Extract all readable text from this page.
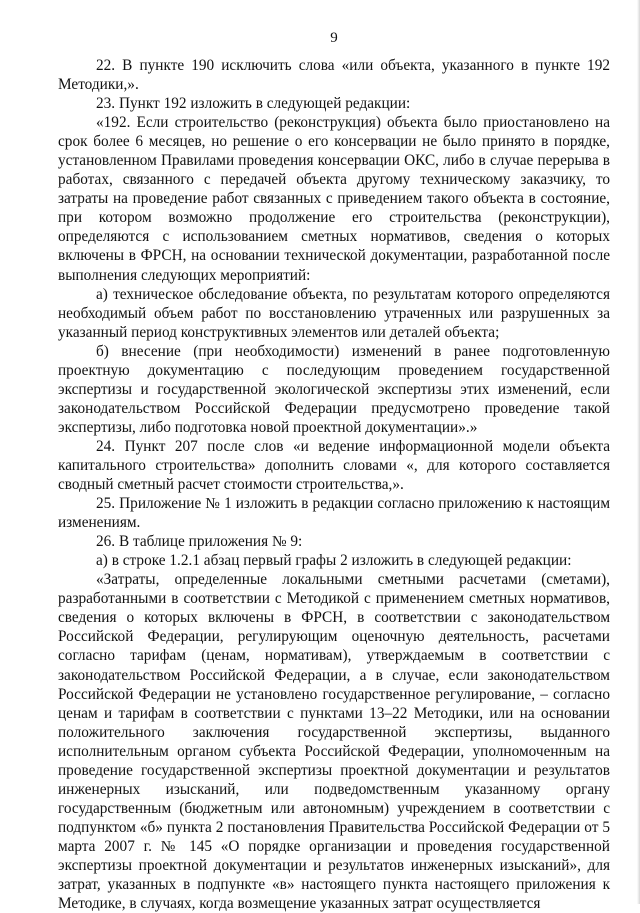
9

22. В пункте 190 исключить слова «или объекта, указанного в пункте 192 Методики,».

23. Пункт 192 изложить в следующей редакции:

«192. Если строительство (реконструкция) объекта было приостановлено на срок более 6 месяцев, но решение о его консервации не было принято в порядке, установленном Правилами проведения консервации ОКС, либо в случае перерыва в работах, связанного с передачей объекта другому техническому заказчику, то затраты на проведение работ связанных с приведением такого объекта в состояние, при котором возможно продолжение его строительства (реконструкции), определяются с использованием сметных нормативов, сведения о которых включены в ФРСН, на основании технической документации, разработанной после выполнения следующих мероприятий:

а) техническое обследование объекта, по результатам которого определяются необходимый объем работ по восстановлению утраченных или разрушенных за указанный период конструктивных элементов или деталей объекта;

б) внесение (при необходимости) изменений в ранее подготовленную проектную документацию с последующим проведением государственной экспертизы и государственной экологической экспертизы этих изменений, если законодательством Российской Федерации предусмотрено проведение такой экспертизы, либо подготовка новой проектной документации».»

24. Пункт 207 после слов «и ведение информационной модели объекта капитального строительства» дополнить словами «, для которого составляется сводный сметный расчет стоимости строительства,».

25. Приложение № 1 изложить в редакции согласно приложению к настоящим изменениям.

26. В таблице приложения № 9:

а) в строке 1.2.1 абзац первый графы 2 изложить в следующей редакции:

«Затраты, определенные локальными сметными расчетами (сметами), разработанными в соответствии с Методикой с применением сметных нормативов, сведения о которых включены в ФРСН, в соответствии с законодательством Российской Федерации, регулирующим оценочную деятельность, расчетами согласно тарифам (ценам, нормативам), утверждаемым в соответствии с законодательством Российской Федерации, а в случае, если законодательством Российской Федерации не установлено государственное регулирование, – согласно ценам и тарифам в соответствии с пунктами 13–22 Методики, или на основании положительного заключения государственной экспертизы, выданного исполнительным органом субъекта Российской Федерации, уполномоченным на проведение государственной экспертизы проектной документации и результатов инженерных изысканий, или подведомственным указанному органу государственным (бюджетным или автономным) учреждением в соответствии с подпунктом «б» пункта 2 постановления Правительства Российской Федерации от 5 марта 2007 г. № 145 «О порядке организации и проведения государственной экспертизы проектной документации и результатов инженерных изысканий», для затрат, указанных в подпункте «в» настоящего пункта настоящего приложения к Методике, в случаях, когда возмещение указанных затрат осуществляется
